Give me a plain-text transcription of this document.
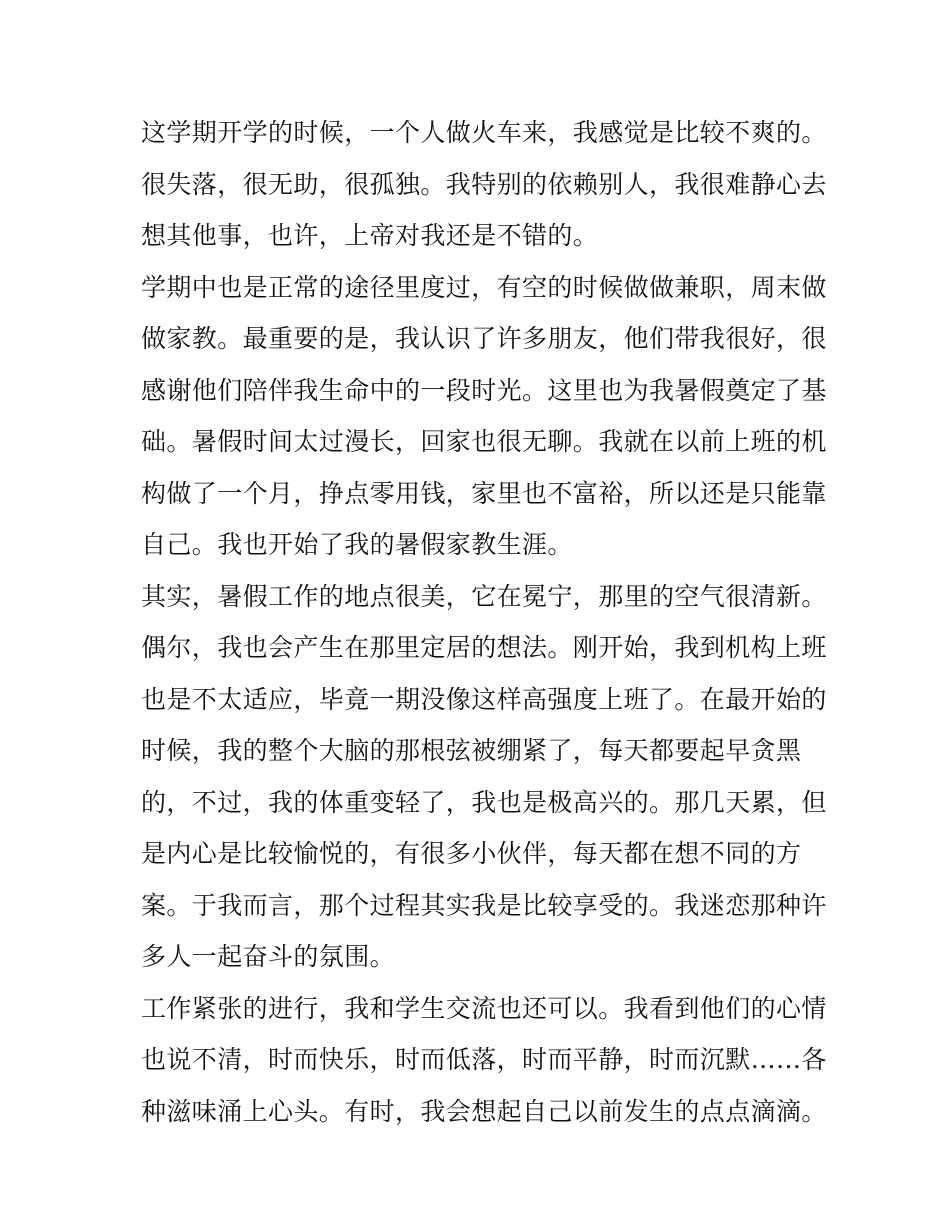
这学期开学的时候，一个人做火车来，我感觉是比较不爽的。
很失落，很无助，很孤独。我特别的依赖别人，我很难静心去
想其他事，也许，上帝对我还是不错的。
学期中也是正常的途径里度过，有空的时候做做兼职，周末做
做家教。最重要的是，我认识了许多朋友，他们带我很好，很
感谢他们陪伴我生命中的一段时光。这里也为我暑假奠定了基
础。暑假时间太过漫长，回家也很无聊。我就在以前上班的机
构做了一个月，挣点零用钱，家里也不富裕，所以还是只能靠
自己。我也开始了我的暑假家教生涯。
其实，暑假工作的地点很美，它在冕宁，那里的空气很清新。
偶尔，我也会产生在那里定居的想法。刚开始，我到机构上班
也是不太适应，毕竟一期没像这样高强度上班了。在最开始的
时候，我的整个大脑的那根弦被绷紧了，每天都要起早贪黑
的，不过，我的体重变轻了，我也是极高兴的。那几天累，但
是内心是比较愉悦的，有很多小伙伴，每天都在想不同的方
案。于我而言，那个过程其实我是比较享受的。我迷恋那种许
多人一起奋斗的氛围。
工作紧张的进行，我和学生交流也还可以。我看到他们的心情
也说不清，时而快乐，时而低落，时而平静，时而沉默……各
种滋味涌上心头。有时，我会想起自己以前发生的点点滴滴。
